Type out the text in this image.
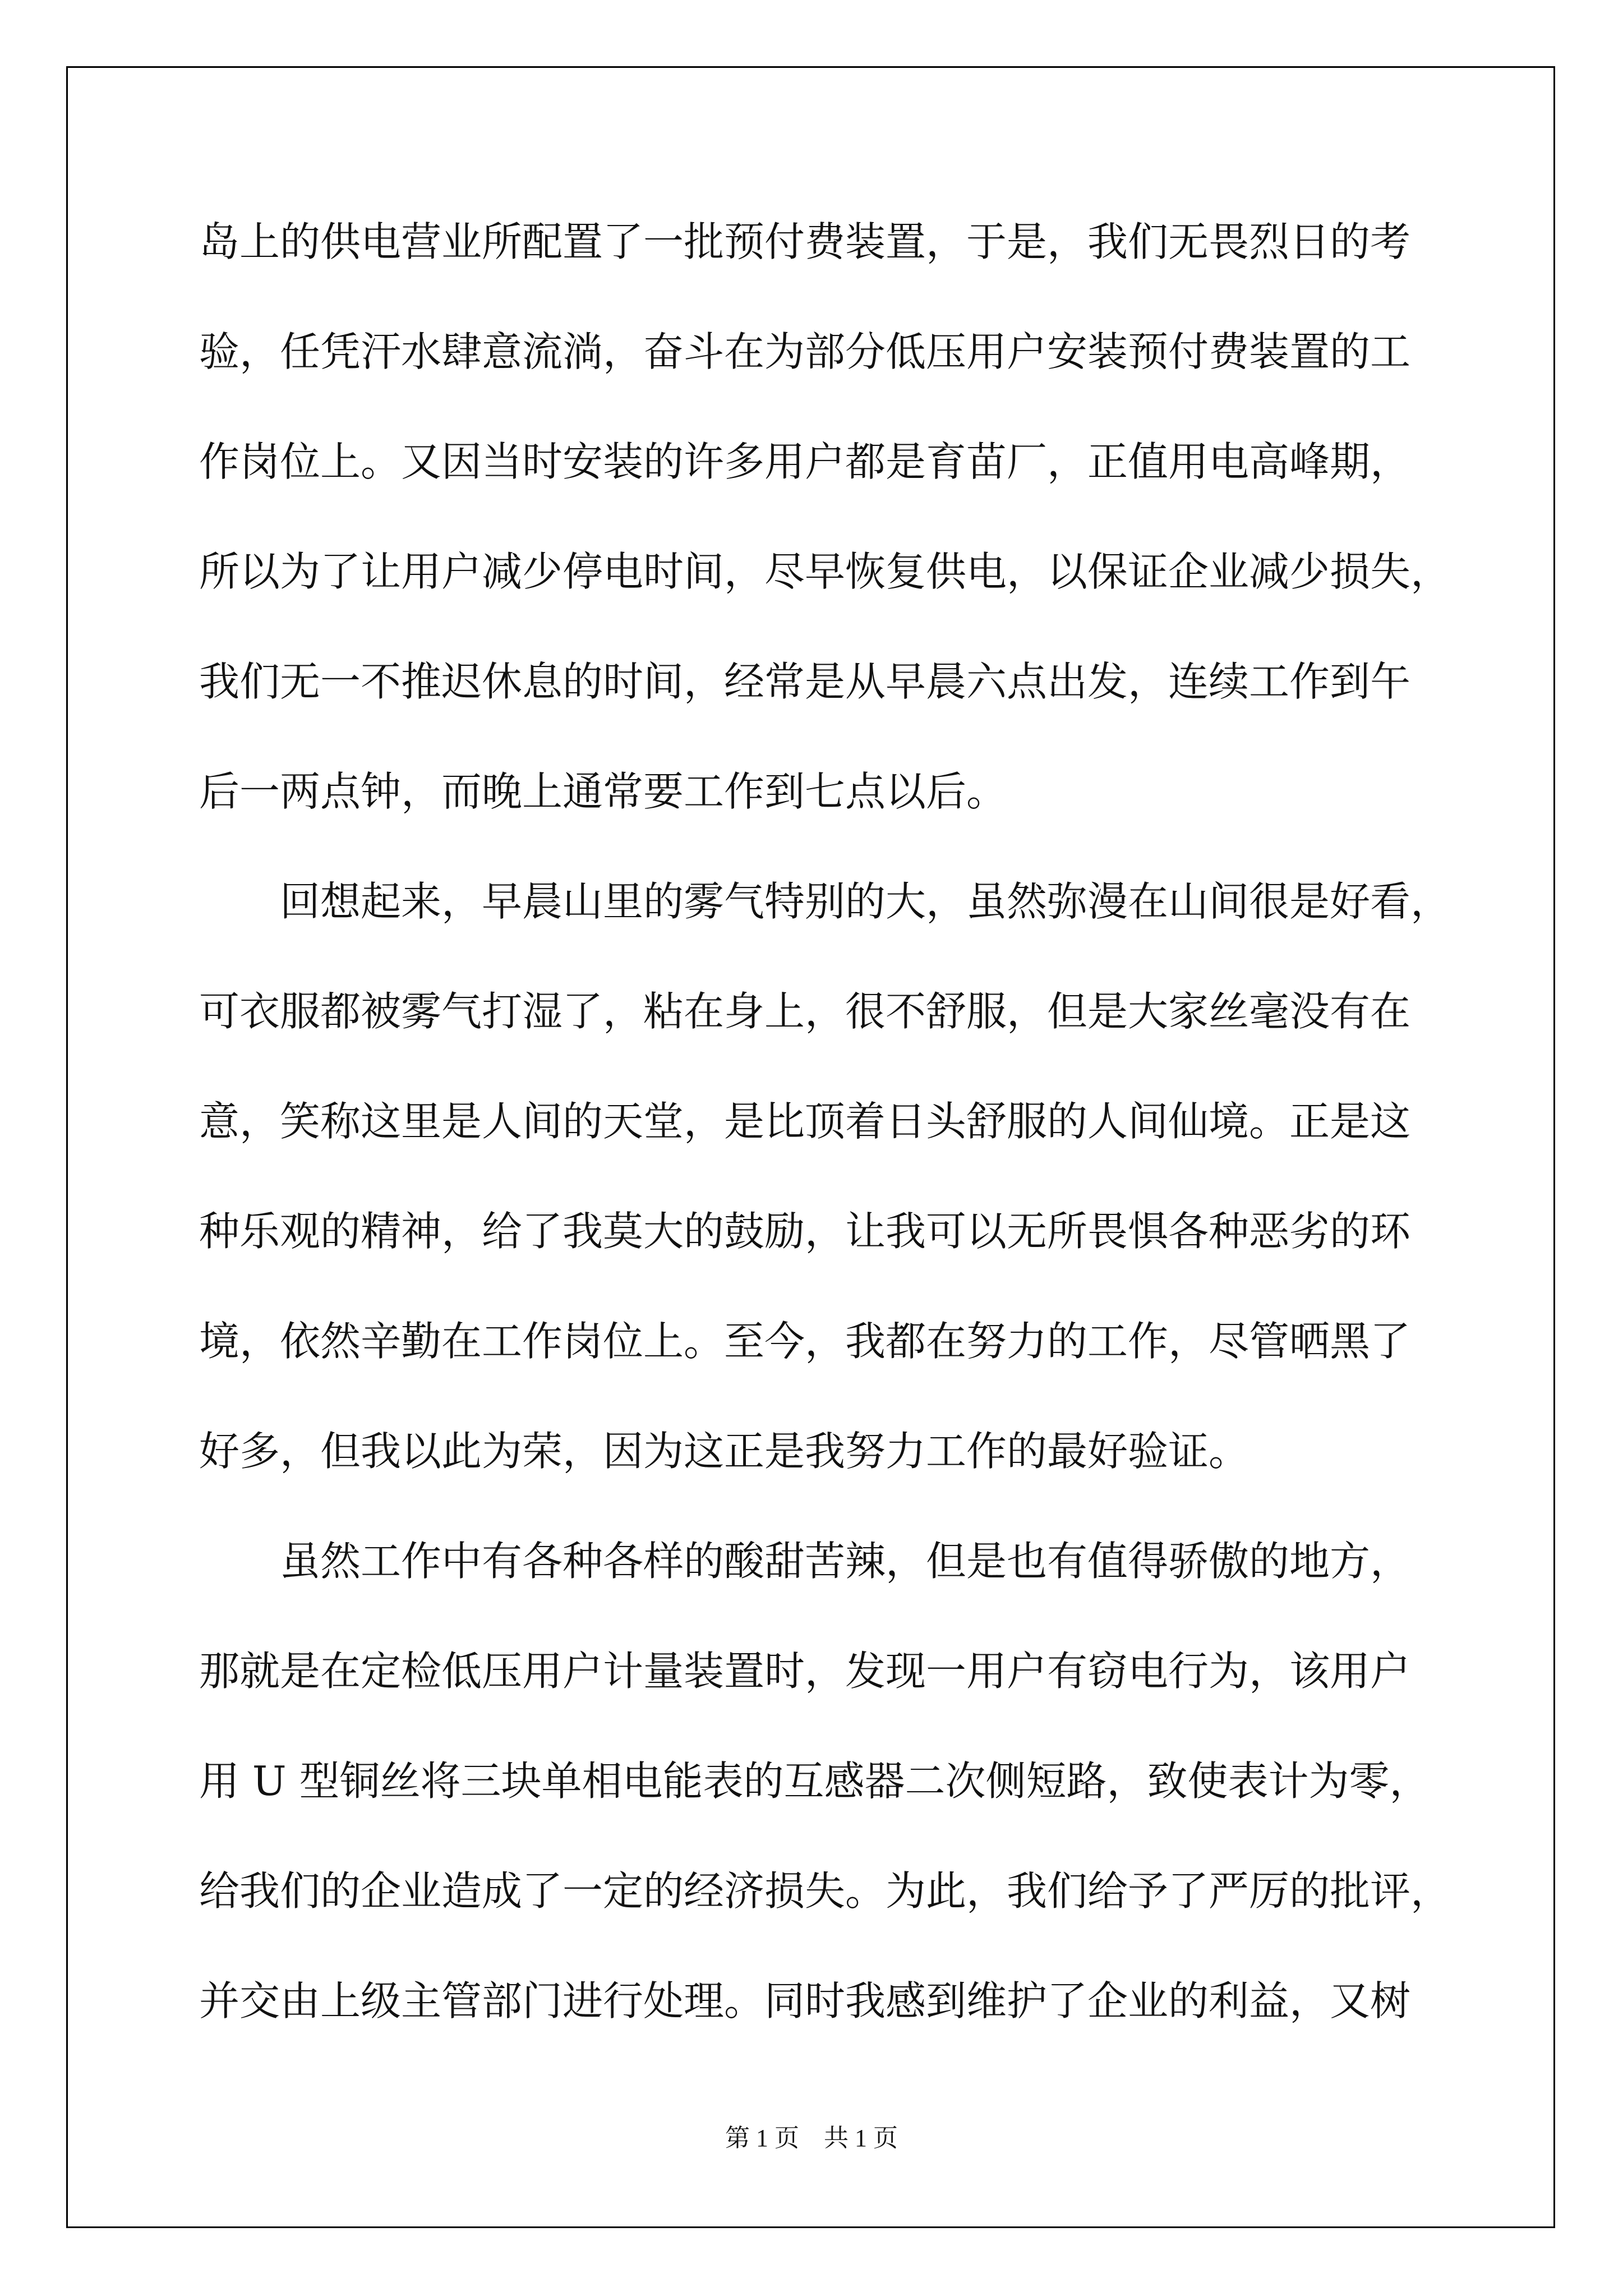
岛上的供电营业所配置了一批预付费装置，于是，我们无畏烈日的考
验，任凭汗水肆意流淌，奋斗在为部分低压用户安装预付费装置的工
作岗位上。又因当时安装的许多用户都是育苗厂，正值用电高峰期，
所以为了让用户减少停电时间，尽早恢复供电，以保证企业减少损失，
我们无一不推迟休息的时间，经常是从早晨六点出发，连续工作到午
后一两点钟，而晚上通常要工作到七点以后。
　　回想起来，早晨山里的雾气特别的大，虽然弥漫在山间很是好看，
可衣服都被雾气打湿了，粘在身上，很不舒服，但是大家丝毫没有在
意，笑称这里是人间的天堂，是比顶着日头舒服的人间仙境。正是这
种乐观的精神，给了我莫大的鼓励，让我可以无所畏惧各种恶劣的环
境，依然辛勤在工作岗位上。至今，我都在努力的工作，尽管晒黑了
好多，但我以此为荣，因为这正是我努力工作的最好验证。
　　虽然工作中有各种各样的酸甜苦辣，但是也有值得骄傲的地方，
那就是在定检低压用户计量装置时，发现一用户有窃电行为，该用户
用 U 型铜丝将三块单相电能表的互感器二次侧短路，致使表计为零，
给我们的企业造成了一定的经济损失。为此，我们给予了严厉的批评，
并交由上级主管部门进行处理。同时我感到维护了企业的利益，又树
第 1 页　共 1 页
